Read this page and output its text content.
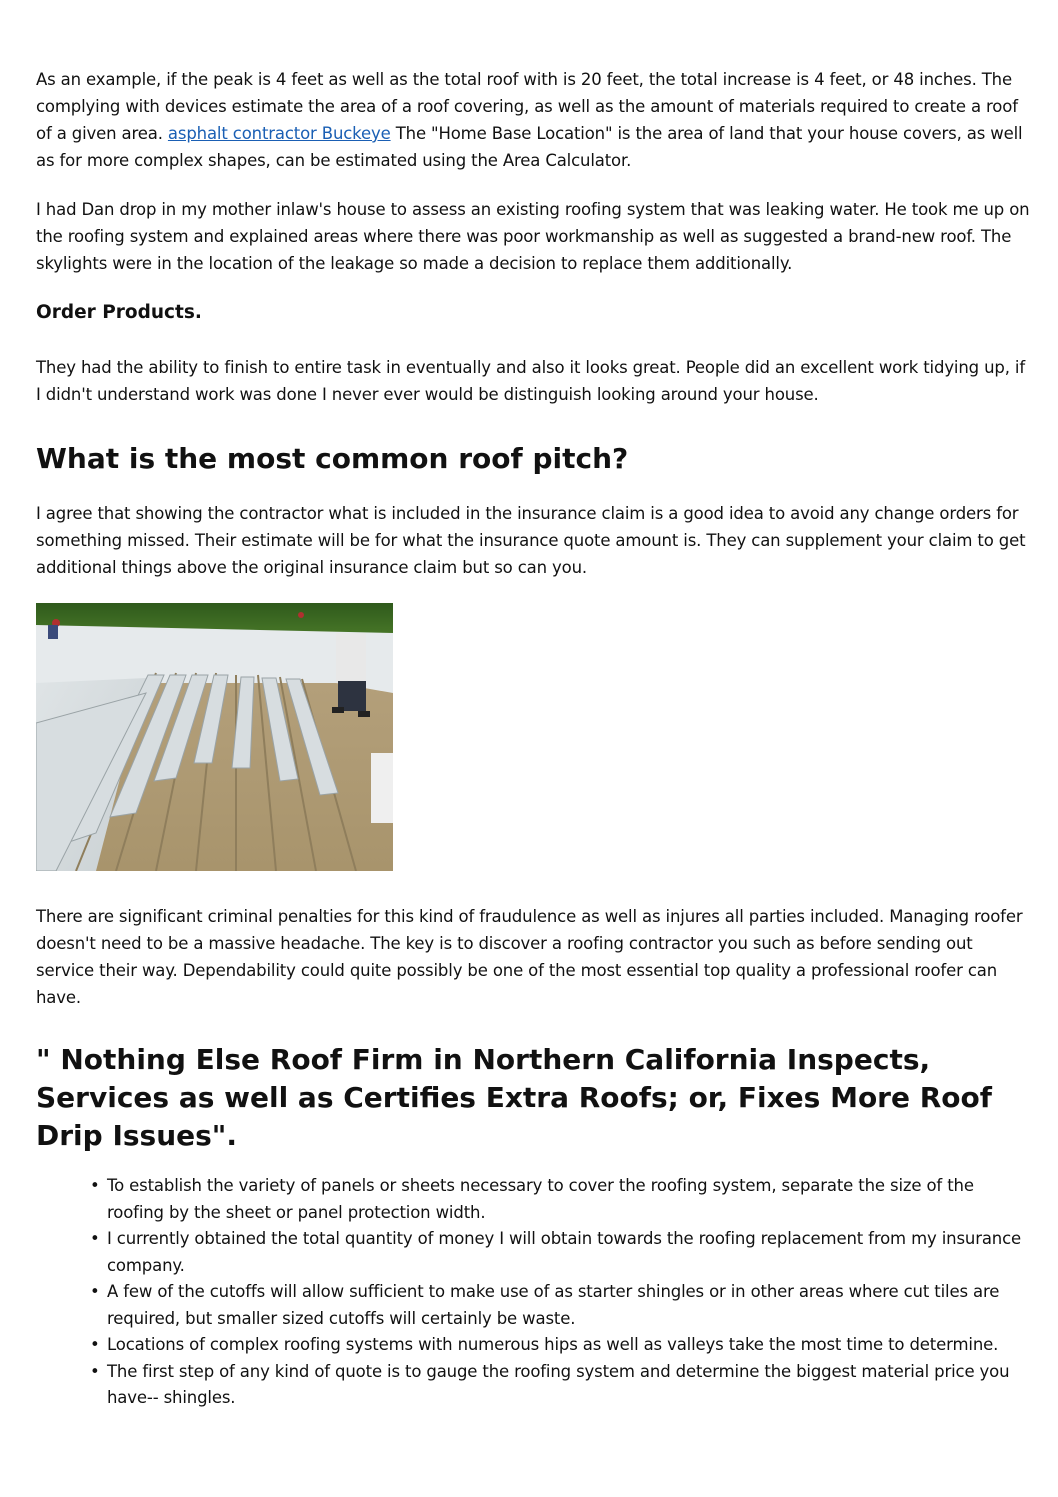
As an example, if the peak is 4 feet as well as the total roof with is 20 feet, the total increase is 4 feet, or 48 inches. The complying with devices estimate the area of a roof covering, as well as the amount of materials required to create a roof of a given area. asphalt contractor Buckeye The "Home Base Location" is the area of land that your house covers, as well as for more complex shapes, can be estimated using the Area Calculator.

I had Dan drop in my mother inlaw's house to assess an existing roofing system that was leaking water. He took me up on the roofing system and explained areas where there was poor workmanship as well as suggested a brand-new roof. The skylights were in the location of the leakage so made a decision to replace them additionally.

Order Products.

They had the ability to finish to entire task in eventually and also it looks great. People did an excellent work tidying up, if I didn't understand work was done I never ever would be distinguish looking around your house.

What is the most common roof pitch?

I agree that showing the contractor what is included in the insurance claim is a good idea to avoid any change orders for something missed. Their estimate will be for what the insurance quote amount is. They can supplement your claim to get additional things above the original insurance claim but so can you.

There are significant criminal penalties for this kind of fraudulence as well as injures all parties included. Managing roofer doesn't need to be a massive headache. The key is to discover a roofing contractor you such as before sending out service their way. Dependability could quite possibly be one of the most essential top quality a professional roofer can have.

" Nothing Else Roof Firm in Northern California Inspects, Services as well as Certifies Extra Roofs; or, Fixes More Roof Drip Issues".
• To establish the variety of panels or sheets necessary to cover the roofing system, separate the size of the roofing by the sheet or panel protection width.
• I currently obtained the total quantity of money I will obtain towards the roofing replacement from my insurance company.
• A few of the cutoffs will allow sufficient to make use of as starter shingles or in other areas where cut tiles are required, but smaller sized cutoffs will certainly be waste.
• Locations of complex roofing systems with numerous hips as well as valleys take the most time to determine.
• The first step of any kind of quote is to gauge the roofing system and determine the biggest material price you have-- shingles.
